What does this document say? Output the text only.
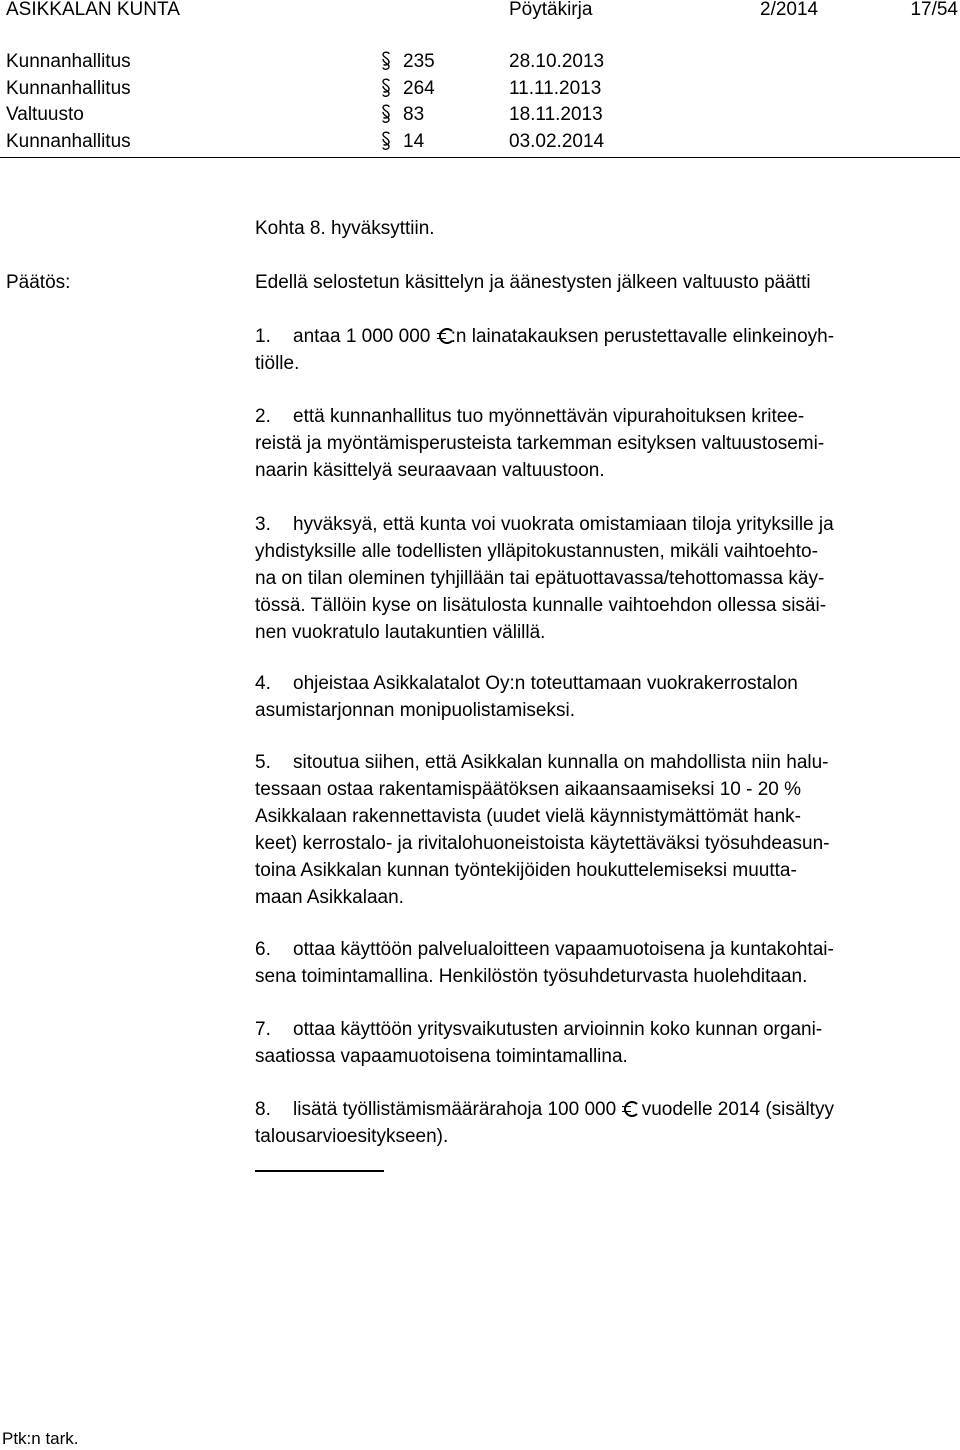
ASIKKALAN KUNTA	Pöytäkirja	2/2014	17/54
Kunnanhallitus	235	28.10.2013
Kunnanhallitus	264	11.11.2013
Valtuusto	83	18.11.2013
Kunnanhallitus	14	03.02.2014
Kohta 8. hyväksyttiin.
Päätös:	Edellä selostetun käsittelyn ja äänestysten jälkeen valtuusto päätti
1.	antaa 1 000 000 :n lainatakauksen perustettavalle elinkeinoyh-
tiölle.
2.	että kunnanhallitus tuo myönnettävän vipurahoituksen kritee-
reistä ja myöntämisperusteista tarkemman esityksen valtuustosemi-
naarin käsittelyä seuraavaan valtuustoon.
3.	hyväksyä, että kunta voi vuokrata omistamiaan tiloja yrityksille ja
yhdistyksille alle todellisten ylläpitokustannusten, mikäli vaihtoehto-
na on tilan oleminen tyhjillään tai epätuottavassa/tehottomassa käy-
tössä. Tällöin kyse on lisätulosta kunnalle vaihtoehdon ollessa sisäi-
nen vuokratulo lautakuntien välillä.
4.	ohjeistaa Asikkalatalot Oy:n toteuttamaan vuokrakerrostalon
asumistarjonnan monipuolistamiseksi.
5.	sitoutua siihen, että Asikkalan kunnalla on mahdollista niin halu-
tessaan ostaa rakentamispäätöksen aikaansaamiseksi 10 - 20 %
Asikkalaan rakennettavista (uudet vielä käynnistymättömät hank-
keet) kerrostalo- ja rivitalohuoneistoista käytettäväksi työsuhdeasun-
toina Asikkalan kunnan työntekijöiden houkuttelemiseksi muutta-
maan Asikkalaan.
6.	ottaa käyttöön palvelualoitteen vapaamuotoisena ja kuntakohtai-
sena toimintamallina. Henkilöstön työsuhdeturvasta huolehditaan.
7.	ottaa käyttöön yritysvaikutusten arvioinnin koko kunnan organi-
saatiossa vapaamuotoisena toimintamallina.
8.	lisätä työllistämismäärärahoja 100 000  vuodelle 2014 (sisältyy
talousarvioesitykseen).
Ptk:n tark.
